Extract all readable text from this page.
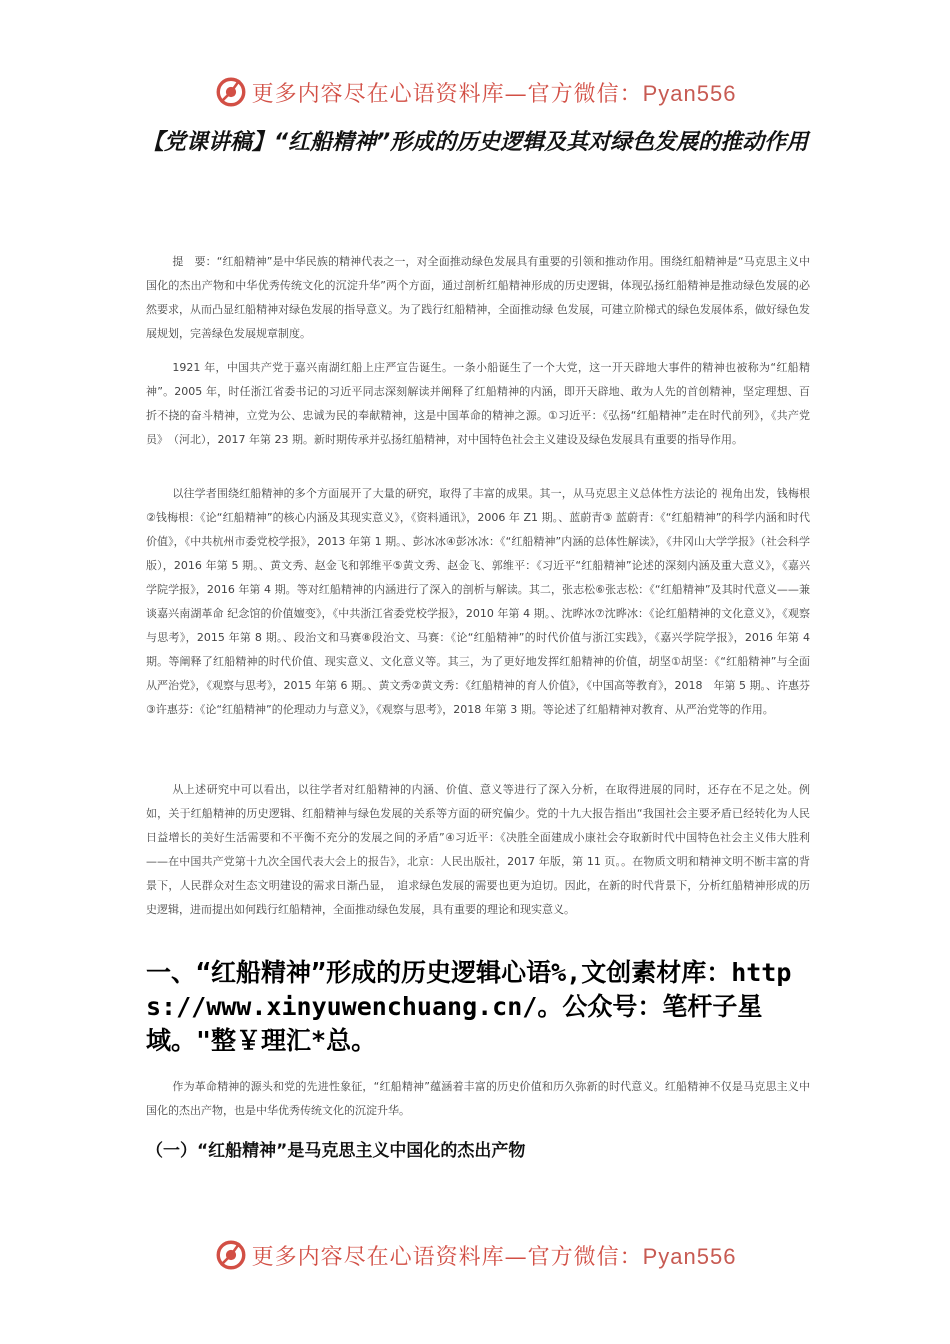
更多内容尽在心语资料库—官方微信：Pyan556
【党课讲稿】“红船精神”形成的历史逻辑及其对绿色发展的推动作用

提　要：“红船精神”是中华民族的精神代表之一，对全面推动绿色发展具有重要的引领和推动作用。围绕红船精神是“马克思主义中国化的杰出产物和中华优秀传统文化的沉淀升华”两个方面，通过剖析红船精神形成的历史逻辑，体现弘扬红船精神是推动绿色发展的必然要求，从而凸显红船精神对绿色发展的指导意义。为了践行红船精神，全面推动绿 色发展，可建立阶梯式的绿色发展体系，做好绿色发展规划，完善绿色发展规章制度。

1921 年，中国共产党于嘉兴南湖红船上庄严宣告诞生。一条小船诞生了一个大党，这一开天辟地大事件的精神也被称为“红船精神”。2005 年，时任浙江省委书记的习近平同志深刻解读并阐释了红船精神的内涵，即开天辟地、敢为人先的首创精神，坚定理想、百折不挠的奋斗精神，立党为公、忠诚为民的奉献精神，这是中国革命的精神之源。①习近平：《弘扬“红船精神”走在时代前列》，《共产党员》　（河北），2017 年第 23 期。新时期传承并弘扬红船精神，对中国特色社会主义建设及绿色发展具有重要的指导作用。

以往学者围绕红船精神的多个方面展开了大量的研究，取得了丰富的成果。其一，从马克思主义总体性方法论的 视角出发，钱梅根②钱梅根：《论“红船精神”的核心内涵及其现实意义》，《资料通讯》，2006 年 Z1 期。、蓝蔚青③ 蓝蔚青：《“红船精神”的科学内涵和时代价值》，《中共杭州市委党校学报》，2013 年第 1 期。、彭冰冰④彭冰冰：《“红船精神”内涵的总体性解读》，《井冈山大学学报》（社会科学版），2016 年第 5 期。、黄文秀、赵金飞和郭维平⑤黄文秀、赵金飞、郭维平：《习近平“红船精神”论述的深刻内涵及重大意义》，《嘉兴学院学报》，2016 年第 4 期。等对红船精神的内涵进行了深入的剖析与解读。其二，张志松⑥张志松：《“红船精神”及其时代意义——兼谈嘉兴南湖革命 纪念馆的价值嬗变》，《中共浙江省委党校学报》，2010 年第 4 期。、沈晔冰⑦沈晔冰：《论红船精神的文化意义》，《观察与思考》，2015 年第 8 期。、段治文和马赛⑧段治文、马赛：《论“红船精神”的时代价值与浙江实践》，《嘉兴学院学报》，2016 年第 4 期。等阐释了红船精神的时代价值、现实意义、文化意义等。其三，为了更好地发挥红船精神的价值，胡坚①胡坚：《“红船精神”与全面从严治党》，《观察与思考》，2015 年第 6 期。、黄文秀②黄文秀：《红船精神的育人价值》，《中国高等教育》，2018　年第 5 期。、许惠芬③许惠芬：《论“红船精神”的伦理动力与意义》，《观察与思考》，2018 年第 3 期。等论述了红船精神对教育、从严治党等的作用。

从上述研究中可以看出，以往学者对红船精神的内涵、价值、意义等进行了深入分析，在取得进展的同时，还存在不足之处。例如，关于红船精神的历史逻辑、红船精神与绿色发展的关系等方面的研究偏少。党的十九大报告指出“我国社会主要矛盾已经转化为人民日益增长的美好生活需要和不平衡不充分的发展之间的矛盾”④习近平：《决胜全面建成小康社会夺取新时代中国特色社会主义伟大胜利——在中国共产党第十九次全国代表大会上的报告》，北京：人民出版社，2017 年版，第 11 页。。在物质文明和精神文明不断丰富的背景下，人民群众对生态文明建设的需求日渐凸显，　追求绿色发展的需要也更为迫切。因此，在新的时代背景下，分析红船精神形成的历史逻辑，进而提出如何践行红船精神，全面推动绿色发展，具有重要的理论和现实意义。

一、“红船精神”形成的历史逻辑心语%,文创素材库：https://www.xinyuwenchuang.cn/。公众号：笔杆子星域。"整￥理汇*总。

作为革命精神的源头和党的先进性象征，“红船精神”蕴涵着丰富的历史价值和历久弥新的时代意义。红船精神不仅是马克思主义中国化的杰出产物，也是中华优秀传统文化的沉淀升华。

（一）“红船精神”是马克思主义中国化的杰出产物
更多内容尽在心语资料库—官方微信：Pyan556
